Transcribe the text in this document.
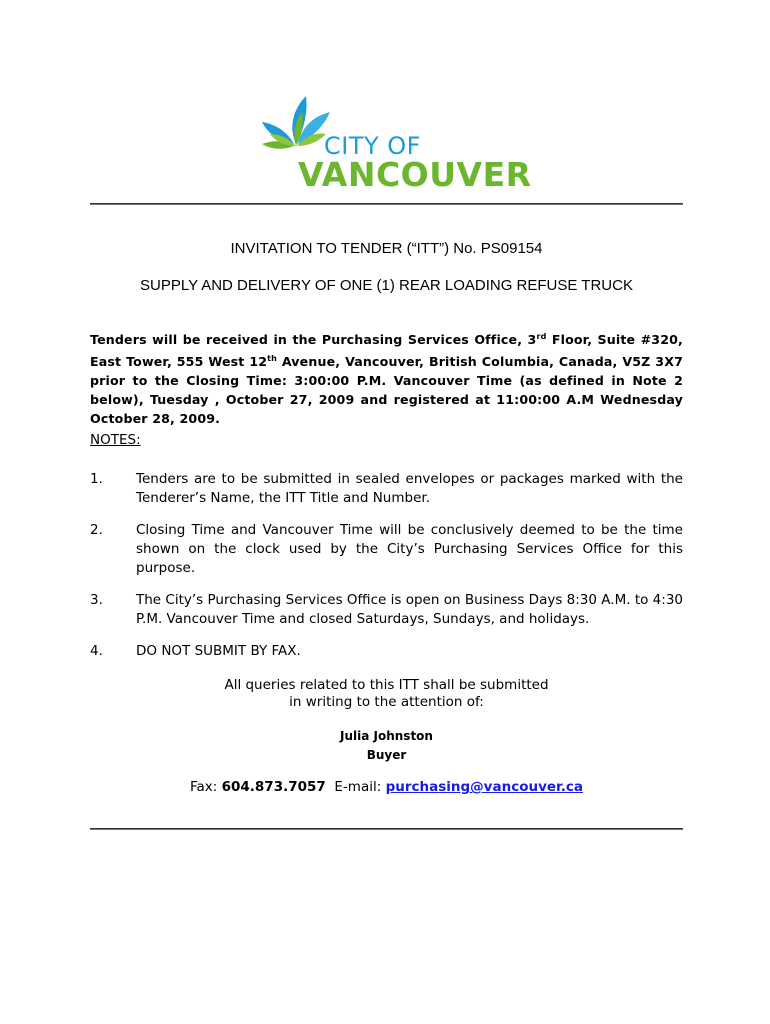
CITY OF
VANCOUVER
INVITATION TO TENDER (“ITT”) No. PS09154
SUPPLY AND DELIVERY OF ONE (1) REAR LOADING REFUSE TRUCK
Tenders will be received in the Purchasing Services Office, 3rd Floor, Suite #320, East Tower, 555 West 12th Avenue, Vancouver, British Columbia, Canada, V5Z 3X7 prior to the Closing Time: 3:00:00 P.M. Vancouver Time (as defined in Note 2 below), Tuesday , October 27, 2009 and registered at 11:00:00 A.M Wednesday October 28, 2009.
NOTES:
1. Tenders are to be submitted in sealed envelopes or packages marked with the Tenderer’s Name, the ITT Title and Number.
2. Closing Time and Vancouver Time will be conclusively deemed to be the time shown on the clock used by the City’s Purchasing Services Office for this purpose.
3. The City’s Purchasing Services Office is open on Business Days 8:30 A.M. to 4:30 P.M. Vancouver Time and closed Saturdays, Sundays, and holidays.
4. DO NOT SUBMIT BY FAX.
All queries related to this ITT shall be submitted
in writing to the attention of:
Julia Johnston
Buyer
Fax: 604.873.7057 E-mail: purchasing@vancouver.ca
